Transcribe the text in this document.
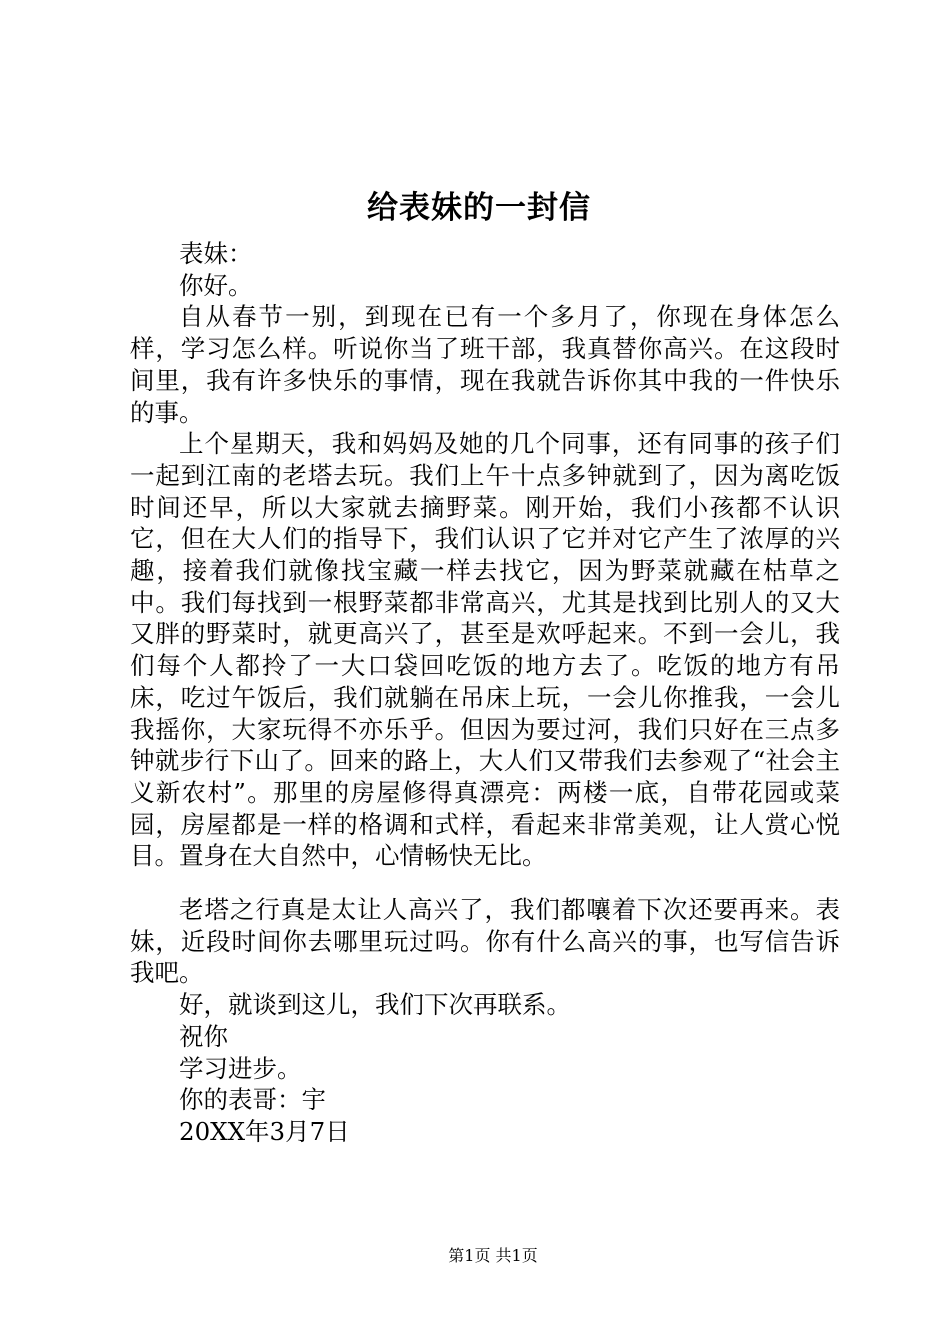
给表妹的一封信

表妹：

你好。

自从春节一别，到现在已有一个多月了，你现在身体怎么样，学习怎么样。听说你当了班干部，我真替你高兴。在这段时间里，我有许多快乐的事情，现在我就告诉你其中我的一件快乐的事。

上个星期天，我和妈妈及她的几个同事，还有同事的孩子们一起到江南的老塔去玩。我们上午十点多钟就到了，因为离吃饭时间还早，所以大家就去摘野菜。刚开始，我们小孩都不认识它，但在大人们的指导下，我们认识了它并对它产生了浓厚的兴趣，接着我们就像找宝藏一样去找它，因为野菜就藏在枯草之中。我们每找到一根野菜都非常高兴，尤其是找到比别人的又大又胖的野菜时，就更高兴了，甚至是欢呼起来。不到一会儿，我们每个人都拎了一大口袋回吃饭的地方去了。吃饭的地方有吊床，吃过午饭后，我们就躺在吊床上玩，一会儿你推我，一会儿我摇你，大家玩得不亦乐乎。但因为要过河，我们只好在三点多钟就步行下山了。回来的路上，大人们又带我们去参观了“社会主义新农村”。那里的房屋修得真漂亮：两楼一底，自带花园或菜园，房屋都是一样的格调和式样，看起来非常美观，让人赏心悦目。置身在大自然中，心情畅快无比。

老塔之行真是太让人高兴了，我们都嚷着下次还要再来。表妹，近段时间你去哪里玩过吗。你有什么高兴的事，也写信告诉我吧。

好，就谈到这儿，我们下次再联系。

祝你

学习进步。

你的表哥：宇

20XX年3月7日

第1页 共1页
